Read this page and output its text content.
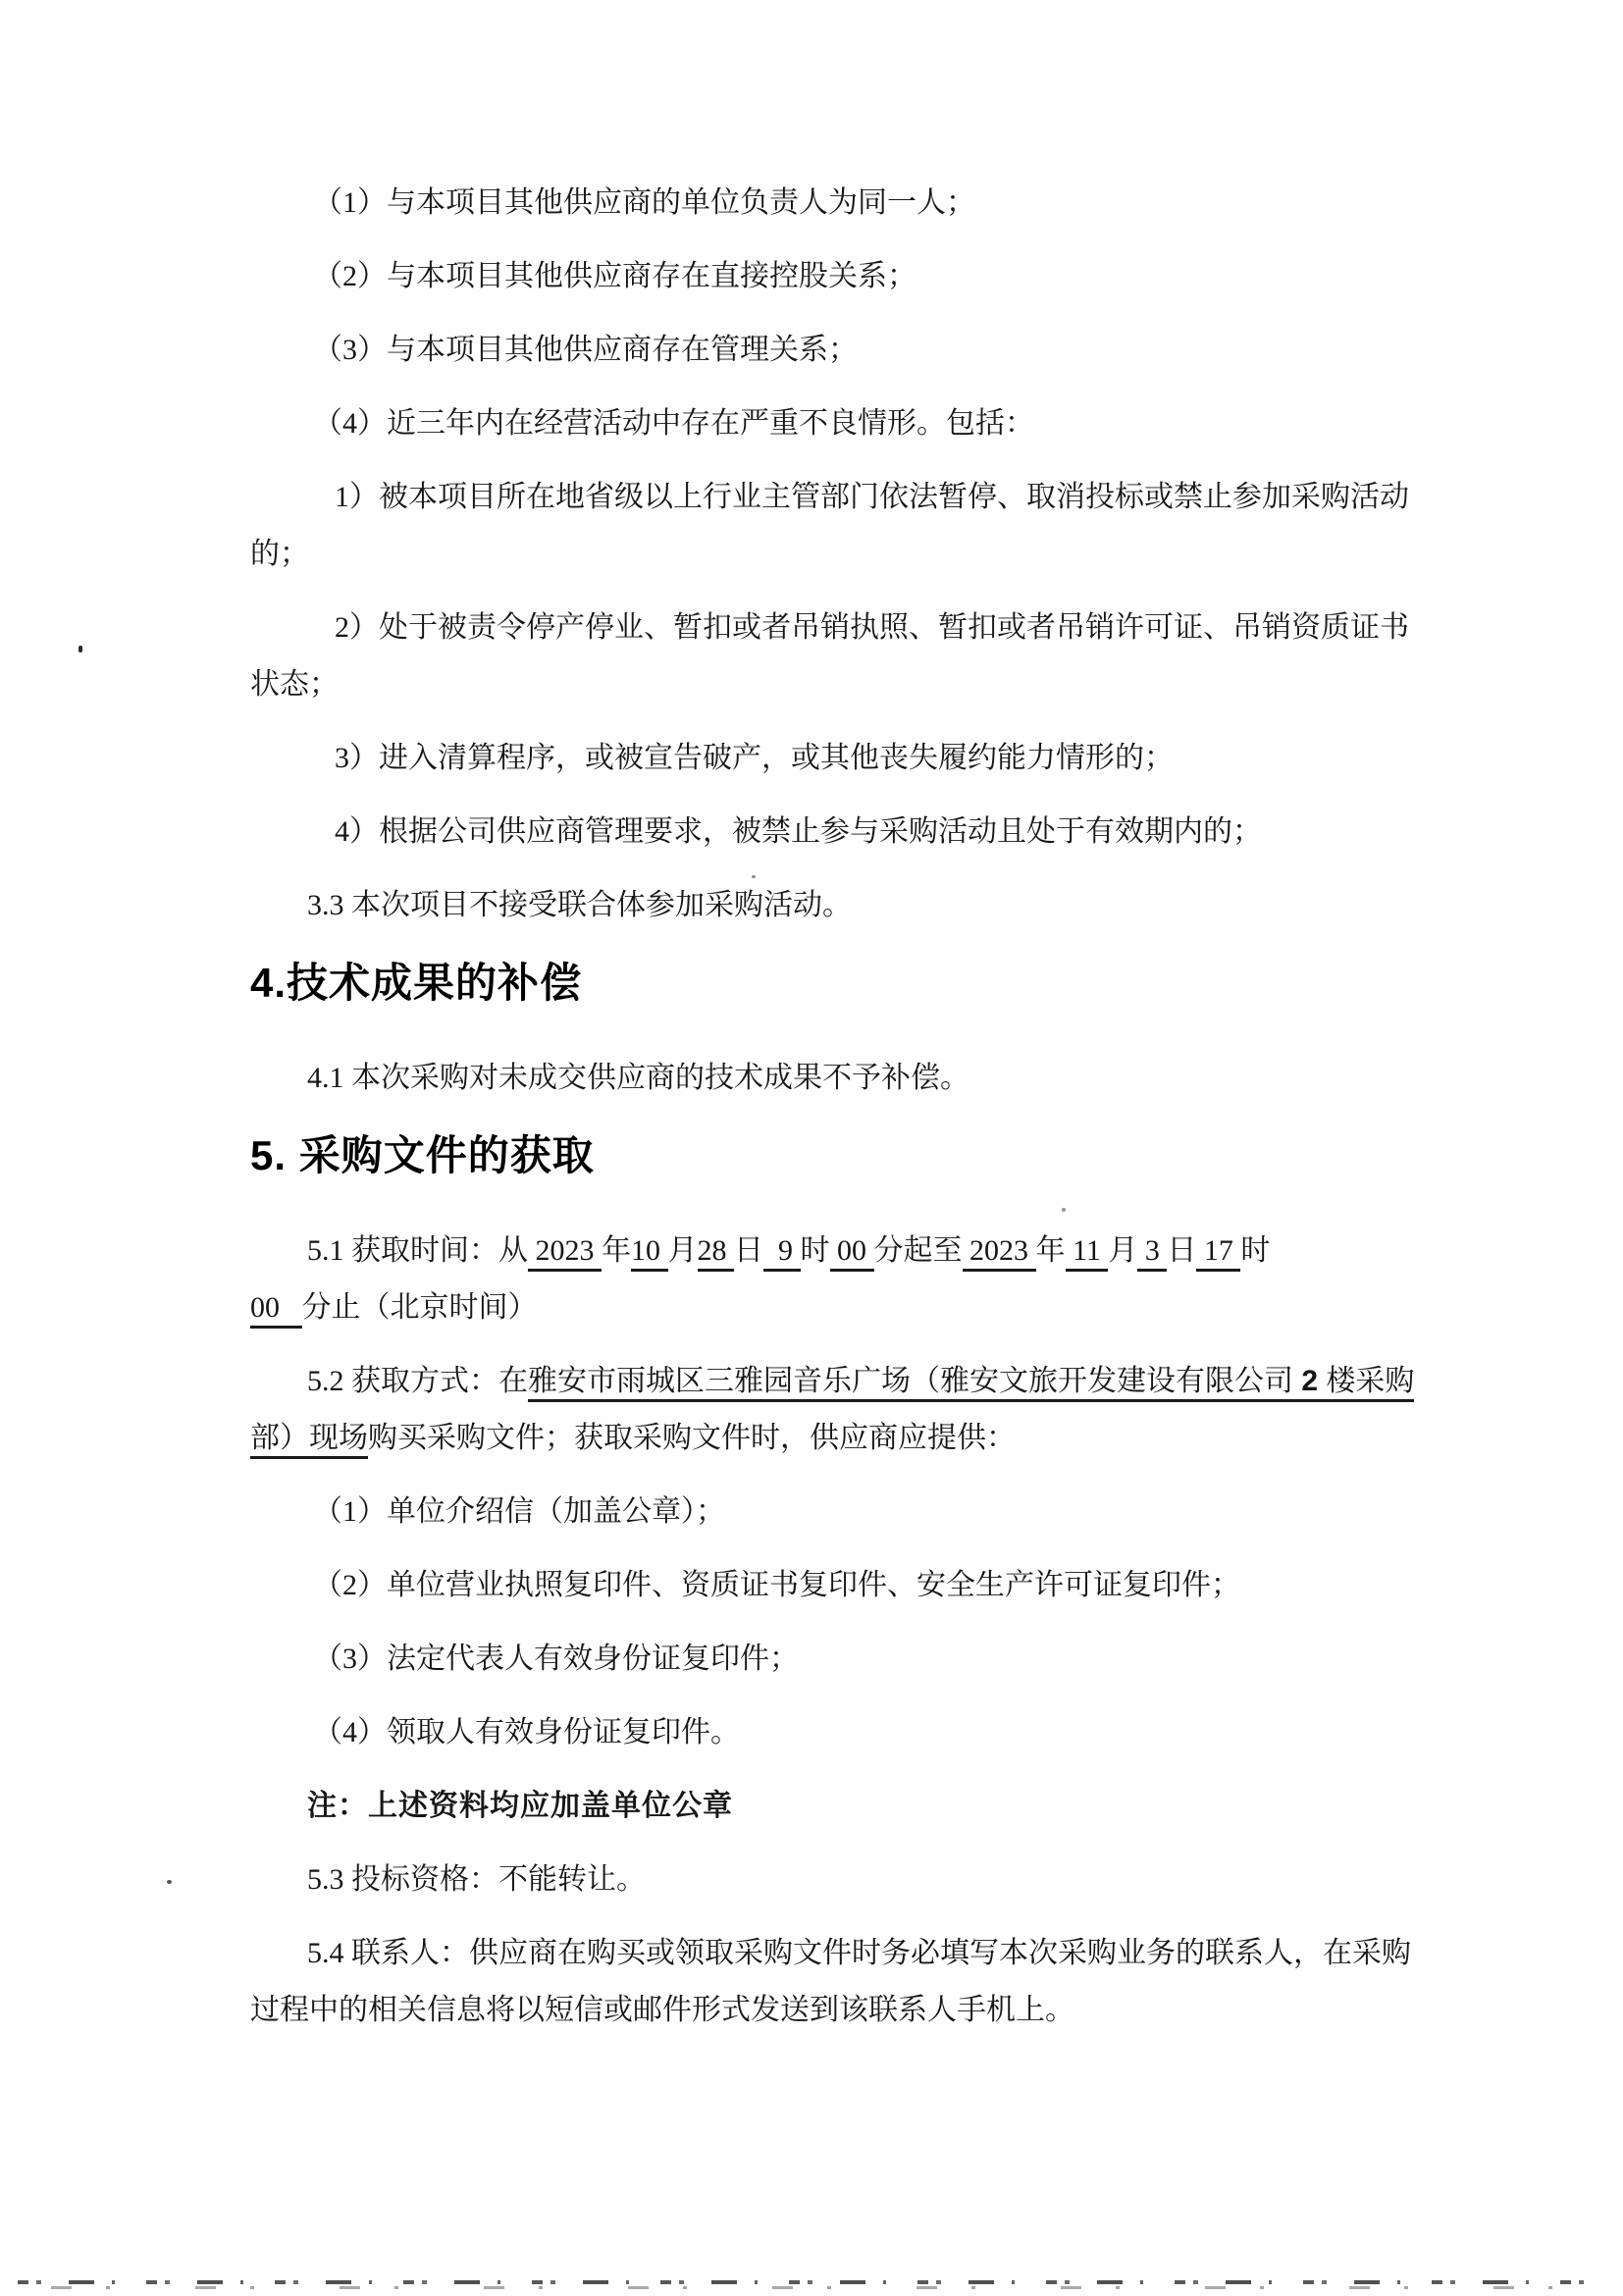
（1）与本项目其他供应商的单位负责人为同一人；

（2）与本项目其他供应商存在直接控股关系；

（3）与本项目其他供应商存在管理关系；

（4）近三年内在经营活动中存在严重不良情形。包括：

1）被本项目所在地省级以上行业主管部门依法暂停、取消投标或禁止参加采购活动
的；

2）处于被责令停产停业、暂扣或者吊销执照、暂扣或者吊销许可证、吊销资质证书
状态；

3）进入清算程序，或被宣告破产，或其他丧失履约能力情形的；

4）根据公司供应商管理要求，被禁止参与采购活动且处于有效期内的；

3.3 本次项目不接受联合体参加采购活动。

4.技术成果的补偿

4.1 本次采购对未成交供应商的技术成果不予补偿。

5. 采购文件的获取

5.1 获取时间：从 2023 年10 月28 日  9 时 00 分起至 2023 年 11 月 3 日 17 时
00   分止（北京时间）

5.2 获取方式：在雅安市雨城区三雅园音乐广场（雅安文旅开发建设有限公司 2 楼采购
部）现场购买采购文件；获取采购文件时，供应商应提供：

（1）单位介绍信（加盖公章）；

（2）单位营业执照复印件、资质证书复印件、安全生产许可证复印件；

（3）法定代表人有效身份证复印件；

（4）领取人有效身份证复印件。

注：上述资料均应加盖单位公章

5.3 投标资格：不能转让。

5.4 联系人：供应商在购买或领取采购文件时务必填写本次采购业务的联系人，在采购
过程中的相关信息将以短信或邮件形式发送到该联系人手机上。
